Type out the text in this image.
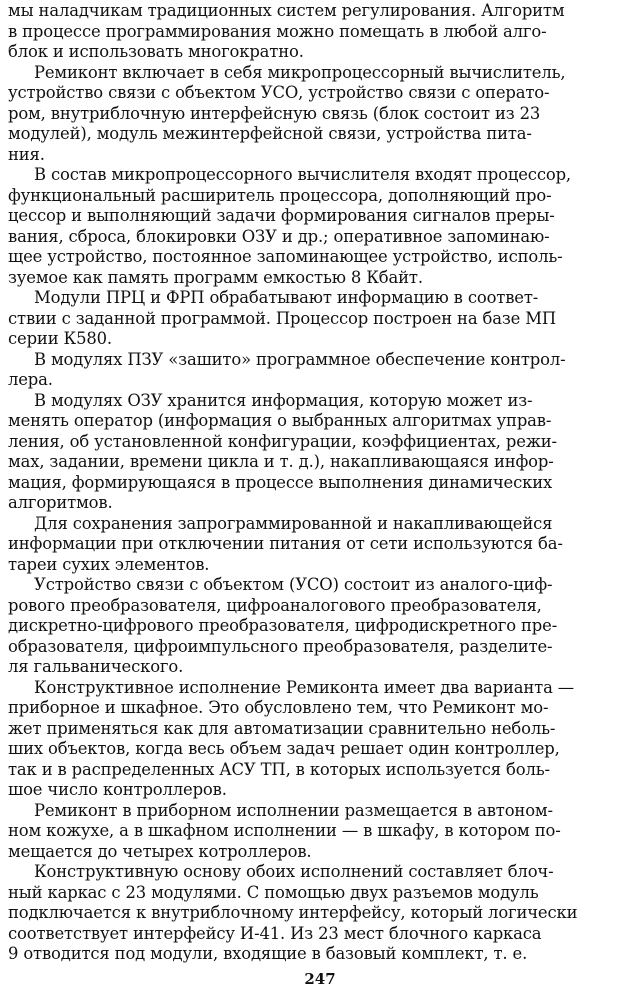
мы наладчикам традиционных систем регулирования. Алгоритм
в процессе программирования можно помещать в любой алго-
блок и использовать многократно.
Ремиконт включает в себя микропроцессорный вычислитель,
устройство связи с объектом УСО, устройство связи с операто-
ром, внутриблочную интерфейсную связь (блок состоит из 23
модулей), модуль межинтерфейсной связи, устройства пита-
ния.
В состав микропроцессорного вычислителя входят процессор,
функциональный расширитель процессора, дополняющий про-
цессор и выполняющий задачи формирования сигналов преры-
вания, сброса, блокировки ОЗУ и др.; оперативное запоминаю-
щее устройство, постоянное запоминающее устройство, исполь-
зуемое как память программ емкостью 8 Кбайт.
Модули ПРЦ и ФРП обрабатывают информацию в соответ-
ствии с заданной программой. Процессор построен на базе МП
серии К580.
В модулях ПЗУ «зашито» программное обеспечение контрол-
лера.
В модулях ОЗУ хранится информация, которую может из-
менять оператор (информация о выбранных алгоритмах управ-
ления, об установленной конфигурации, коэффициентах, режи-
мах, задании, времени цикла и т. д.), накапливающаяся инфор-
мация, формирующаяся в процессе выполнения динамических
алгоритмов.
Для сохранения запрограммированной и накапливающейся
информации при отключении питания от сети используются ба-
тареи сухих элементов.
Устройство связи с объектом (УСО) состоит из аналого-циф-
рового преобразователя, цифроаналогового преобразователя,
дискретно-цифрового преобразователя, цифродискретного пре-
образователя, цифроимпульсного преобразователя, разделите-
ля гальванического.
Конструктивное исполнение Ремиконта имеет два варианта —
приборное и шкафное. Это обусловлено тем, что Ремиконт мо-
жет применяться как для автоматизации сравнительно неболь-
ших объектов, когда весь объем задач решает один контроллер,
так и в распределенных АСУ ТП, в которых используется боль-
шое число контроллеров.
Ремиконт в приборном исполнении размещается в автоном-
ном кожухе, а в шкафном исполнении — в шкафу, в котором по-
мещается до четырех котроллеров.
Конструктивную основу обоих исполнений составляет блоч-
ный каркас с 23 модулями. С помощью двух разъемов модуль
подключается к внутриблочному интерфейсу, который логически
соответствует интерфейсу И-41. Из 23 мест блочного каркаса
9 отводится под модули, входящие в базовый комплект, т. е.
247
